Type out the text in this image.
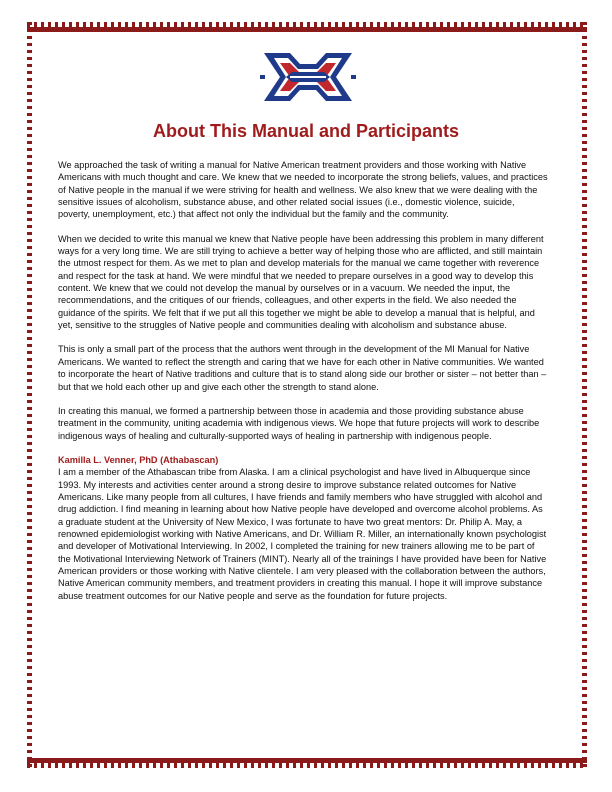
About This Manual and Participants

We approached the task of writing a manual for Native American treatment providers and those working with Native Americans with much thought and care. We knew that we needed to incorporate the strong beliefs, values, and practices of Native people in the manual if we were striving for health and wellness. We also knew that we were dealing with the sensitive issues of alcoholism, substance abuse, and other related social issues (i.e., domestic violence, suicide, poverty, unemployment, etc.) that affect not only the individual but the family and the community.

When we decided to write this manual we knew that Native people have been addressing this problem in many different ways for a very long time. We are still trying to achieve a better way of helping those who are afflicted, and still maintain the utmost respect for them. As we met to plan and develop materials for the manual we came together with reverence and respect for the task at hand. We were mindful that we needed to prepare ourselves in a good way to develop this content. We knew that we could not develop the manual by ourselves or in a vacuum. We needed the input, the recommendations, and the critiques of our friends, colleagues, and other experts in the field. We also needed the guidance of the spirits. We felt that if we put all this together we might be able to develop a manual that is helpful, and yet, sensitive to the struggles of Native people and communities dealing with alcoholism and substance abuse.

This is only a small part of the process that the authors went through in the development of the MI Manual for Native Americans. We wanted to reflect the strength and caring that we have for each other in Native communities. We wanted to incorporate the heart of Native traditions and culture that is to stand along side our brother or sister – not better than – but that we hold each other up and give each other the strength to stand alone.

In creating this manual, we formed a partnership between those in academia and those providing substance abuse treatment in the community, uniting academia with indigenous views. We hope that future projects will work to describe indigenous ways of healing and culturally-supported ways of healing in partnership with indigenous people.

Kamilla L. Venner, PhD (Athabascan)

I am a member of the Athabascan tribe from Alaska. I am a clinical psychologist and have lived in Albuquerque since 1993. My interests and activities center around a strong desire to improve substance related outcomes for Native Americans. Like many people from all cultures, I have friends and family members who have struggled with alcohol and drug addiction. I find meaning in learning about how Native people have developed and overcome alcohol problems. As a graduate student at the University of New Mexico, I was fortunate to have two great mentors: Dr. Philip A. May, a renowned epidemiologist working with Native Americans, and Dr. William R. Miller, an internationally known psychologist and developer of Motivational Interviewing. In 2002, I completed the training for new trainers allowing me to be part of the Motivational Interviewing Network of Trainers (MINT). Nearly all of the trainings I have provided have been for Native American providers or those working with Native clientele. I am very pleased with the collaboration between the authors, Native American community members, and treatment providers in creating this manual. I hope it will improve substance abuse treatment outcomes for our Native people and serve as the foundation for future projects.
